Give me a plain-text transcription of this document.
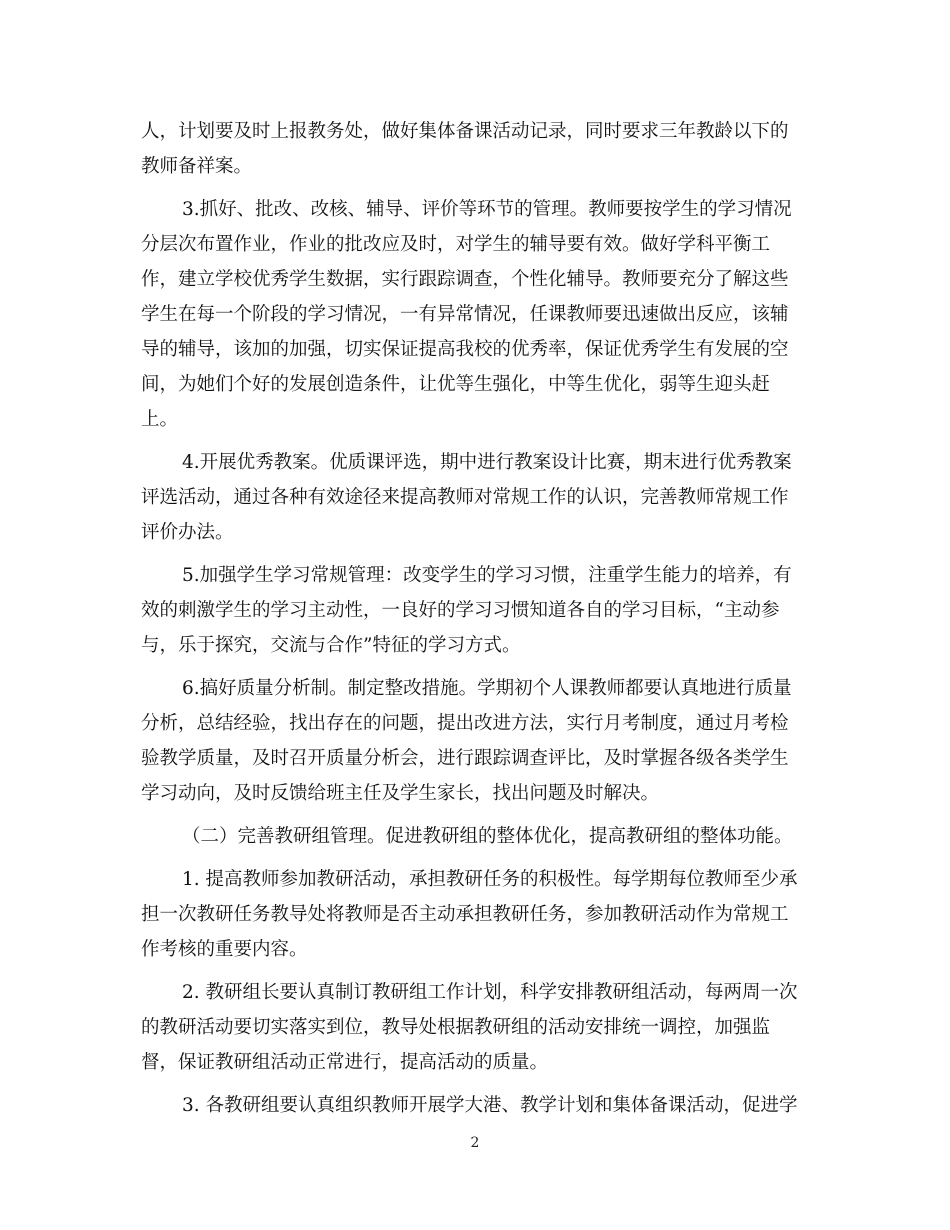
人，计划要及时上报教务处，做好集体备课活动记录，同时要求三年教龄以下的
教师备祥案。
3.抓好、批改、改核、辅导、评价等环节的管理。教师要按学生的学习情况
分层次布置作业，作业的批改应及时，对学生的辅导要有效。做好学科平衡工
作，建立学校优秀学生数据，实行跟踪调查，个性化辅导。教师要充分了解这些
学生在每一个阶段的学习情况，一有异常情况，任课教师要迅速做出反应，该辅
导的辅导，该加的加强，切实保证提高我校的优秀率，保证优秀学生有发展的空
间，为她们个好的发展创造条件，让优等生强化，中等生优化，弱等生迎头赶
上。
4.开展优秀教案。优质课评选，期中进行教案设计比赛，期末进行优秀教案
评选活动，通过各种有效途径来提高教师对常规工作的认识，完善教师常规工作
评价办法。
5.加强学生学习常规管理：改变学生的学习习惯，注重学生能力的培养，有
效的刺激学生的学习主动性，一良好的学习习惯知道各自的学习目标，“主动参
与，乐于探究，交流与合作”特征的学习方式。
6.搞好质量分析制。制定整改措施。学期初个人课教师都要认真地进行质量
分析，总结经验，找出存在的问题，提出改进方法，实行月考制度，通过月考检
验教学质量，及时召开质量分析会，进行跟踪调查评比，及时掌握各级各类学生
学习动向，及时反馈给班主任及学生家长，找出问题及时解决。
（二）完善教研组管理。促进教研组的整体优化，提高教研组的整体功能。
1. 提高教师参加教研活动，承担教研任务的积极性。每学期每位教师至少承
担一次教研任务教导处将教师是否主动承担教研任务，参加教研活动作为常规工
作考核的重要内容。
2. 教研组长要认真制订教研组工作计划，科学安排教研组活动，每两周一次
的教研活动要切实落实到位，教导处根据教研组的活动安排统一调控，加强监
督，保证教研组活动正常进行，提高活动的质量。
3. 各教研组要认真组织教师开展学大港、教学计划和集体备课活动，促进学
2
